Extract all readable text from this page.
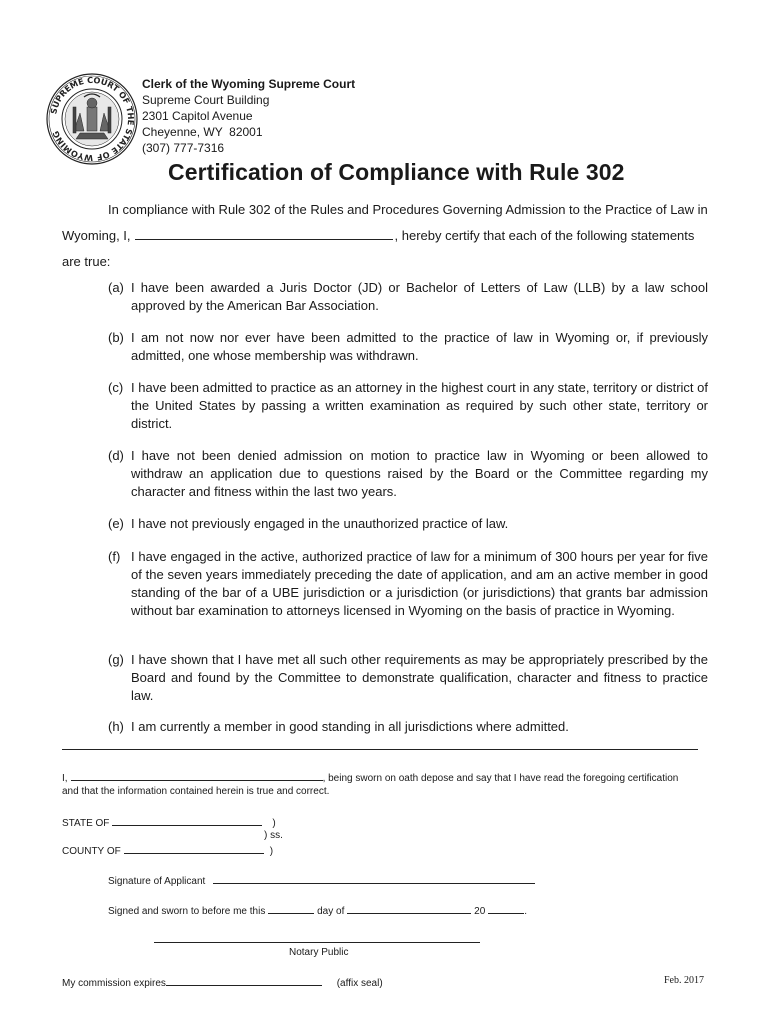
SUPREME COURT OF THE STATE OF WYOMING
Clerk of the Wyoming Supreme Court
Supreme Court Building
2301 Capitol Avenue
Cheyenne, WY  82001
(307) 777-7316
Certification of Compliance with Rule 302
In compliance with Rule 302 of the Rules and Procedures Governing Admission to the Practice of Law in
Wyoming, I,	, hereby certify that each of the following statements
are true:
(a) I have been awarded a Juris Doctor (JD) or Bachelor of Letters of Law (LLB) by a law school approved by the American Bar Association.
(b) I am not now nor ever have been admitted to the practice of law in Wyoming or, if previously admitted, one whose membership was withdrawn.
(c) I have been admitted to practice as an attorney in the highest court in any state, territory or district of the United States by passing a written examination as required by such other state, territory or district.
(d) I have not been denied admission on motion to practice law in Wyoming or been allowed to withdraw an application due to questions raised by the Board or the Committee regarding my character and fitness within the last two years.
(e) I have not previously engaged in the unauthorized practice of law.
(f) I have engaged in the active, authorized practice of law for a minimum of 300 hours per year for five of the seven years immediately preceding the date of application, and am an active member in good standing of the bar of a UBE jurisdiction or a jurisdiction (or jurisdictions) that grants bar admission without bar examination to attorneys licensed in Wyoming on the basis of practice in Wyoming.
(g) I have shown that I have met all such other requirements as may be appropriately prescribed by the Board and found by the Committee to demonstrate qualification, character and fitness to practice law.
(h) I am currently a member in good standing in all jurisdictions where admitted.
I,	, being sworn on oath depose and say that I have read the foregoing certification
and that the information contained herein is true and correct.
STATE OF	)
) ss.
COUNTY OF	)
Signature of Applicant
Signed and sworn to before me this	day of	20	.
Notary Public
My commission expires	(affix seal)	Feb. 2017
